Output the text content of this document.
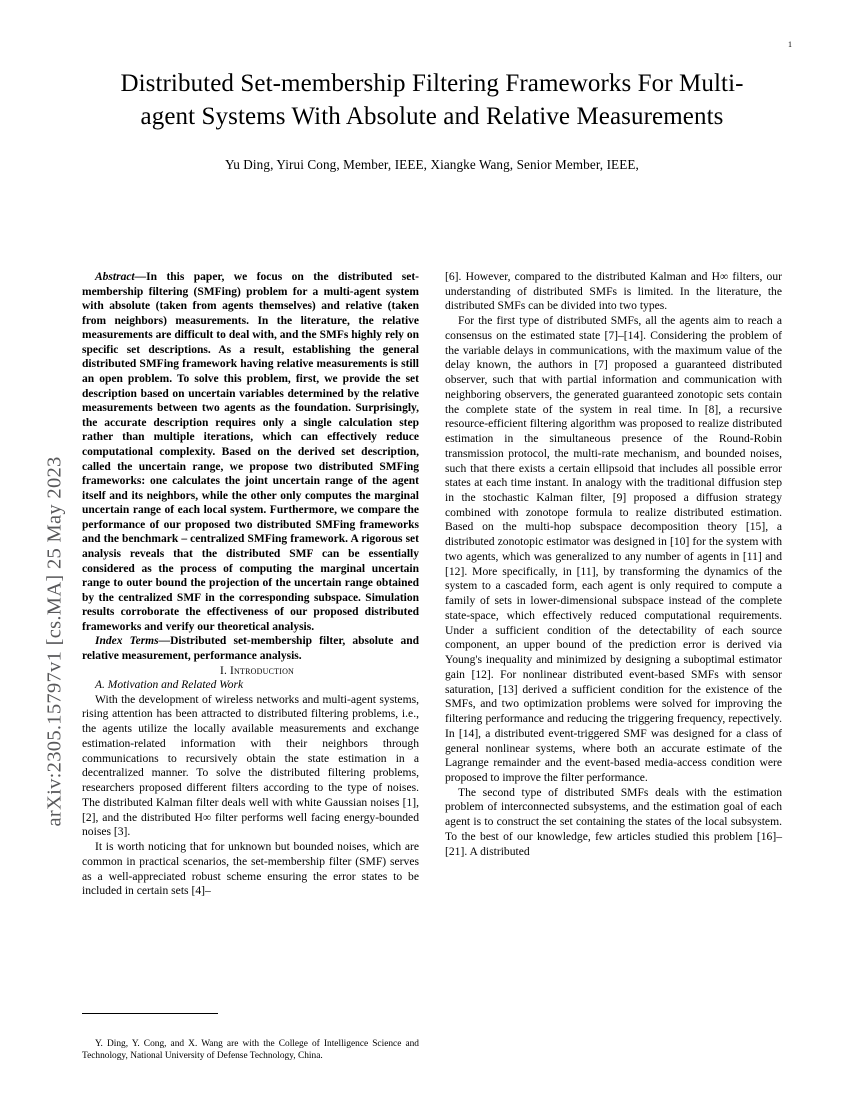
arXiv:2305.15797v1 [cs.MA] 25 May 2023
1
Distributed Set-membership Filtering Frameworks For Multi-agent Systems With Absolute and Relative Measurements
Yu Ding, Yirui Cong, Member, IEEE, Xiangke Wang, Senior Member, IEEE,

Abstract—In this paper, we focus on the distributed set-membership filtering (SMFing) problem for a multi-agent system with absolute (taken from agents themselves) and relative (taken from neighbors) measurements. In the literature, the relative measurements are difficult to deal with, and the SMFs highly rely on specific set descriptions. As a result, establishing the general distributed SMFing framework having relative measurements is still an open problem. To solve this problem, first, we provide the set description based on uncertain variables determined by the relative measurements between two agents as the foundation. Surprisingly, the accurate description requires only a single calculation step rather than multiple iterations, which can effectively reduce computational complexity. Based on the derived set description, called the uncertain range, we propose two distributed SMFing frameworks: one calculates the joint uncertain range of the agent itself and its neighbors, while the other only computes the marginal uncertain range of each local system. Furthermore, we compare the performance of our proposed two distributed SMFing frameworks and the benchmark – centralized SMFing framework. A rigorous set analysis reveals that the distributed SMF can be essentially considered as the process of computing the marginal uncertain range to outer bound the projection of the uncertain range obtained by the centralized SMF in the corresponding subspace. Simulation results corroborate the effectiveness of our proposed distributed frameworks and verify our theoretical analysis.

Index Terms—Distributed set-membership filter, absolute and relative measurement, performance analysis.

I. Introduction

A. Motivation and Related Work

With the development of wireless networks and multi-agent systems, rising attention has been attracted to distributed filtering problems, i.e., the agents utilize the locally available measurements and exchange estimation-related information with their neighbors through communications to recursively obtain the state estimation in a decentralized manner. To solve the distributed filtering problems, researchers proposed different filters according to the type of noises. The distributed Kalman filter deals well with white Gaussian noises [1], [2], and the distributed H∞ filter performs well facing energy-bounded noises [3].

It is worth noticing that for unknown but bounded noises, which are common in practical scenarios, the set-membership filter (SMF) serves as a well-appreciated robust scheme ensuring the error states to be included in certain sets [4]–

[6]. However, compared to the distributed Kalman and H∞ filters, our understanding of distributed SMFs is limited. In the literature, the distributed SMFs can be divided into two types.

For the first type of distributed SMFs, all the agents aim to reach a consensus on the estimated state [7]–[14]. Considering the problem of the variable delays in communications, with the maximum value of the delay known, the authors in [7] proposed a guaranteed distributed observer, such that with partial information and communication with neighboring observers, the generated guaranteed zonotopic sets contain the complete state of the system in real time. In [8], a recursive resource-efficient filtering algorithm was proposed to realize distributed estimation in the simultaneous presence of the Round-Robin transmission protocol, the multi-rate mechanism, and bounded noises, such that there exists a certain ellipsoid that includes all possible error states at each time instant. In analogy with the traditional diffusion step in the stochastic Kalman filter, [9] proposed a diffusion strategy combined with zonotope formula to realize distributed estimation. Based on the multi-hop subspace decomposition theory [15], a distributed zonotopic estimator was designed in [10] for the system with two agents, which was generalized to any number of agents in [11] and [12]. More specifically, in [11], by transforming the dynamics of the system to a cascaded form, each agent is only required to compute a family of sets in lower-dimensional subspace instead of the complete state-space, which effectively reduced computational requirements. Under a sufficient condition of the detectability of each source component, an upper bound of the prediction error is derived via Young's inequality and minimized by designing a suboptimal estimator gain [12]. For nonlinear distributed event-based SMFs with sensor saturation, [13] derived a sufficient condition for the existence of the SMFs, and two optimization problems were solved for improving the filtering performance and reducing the triggering frequency, repectively. In [14], a distributed event-triggered SMF was designed for a class of general nonlinear systems, where both an accurate estimate of the Lagrange remainder and the event-based media-access condition were proposed to improve the filter performance.

The second type of distributed SMFs deals with the estimation problem of interconnected subsystems, and the estimation goal of each agent is to construct the set containing the states of the local subsystem. To the best of our knowledge, few articles studied this problem [16]–[21]. A distributed

Y. Ding, Y. Cong, and X. Wang are with the College of Intelligence Science and Technology, National University of Defense Technology, China.
